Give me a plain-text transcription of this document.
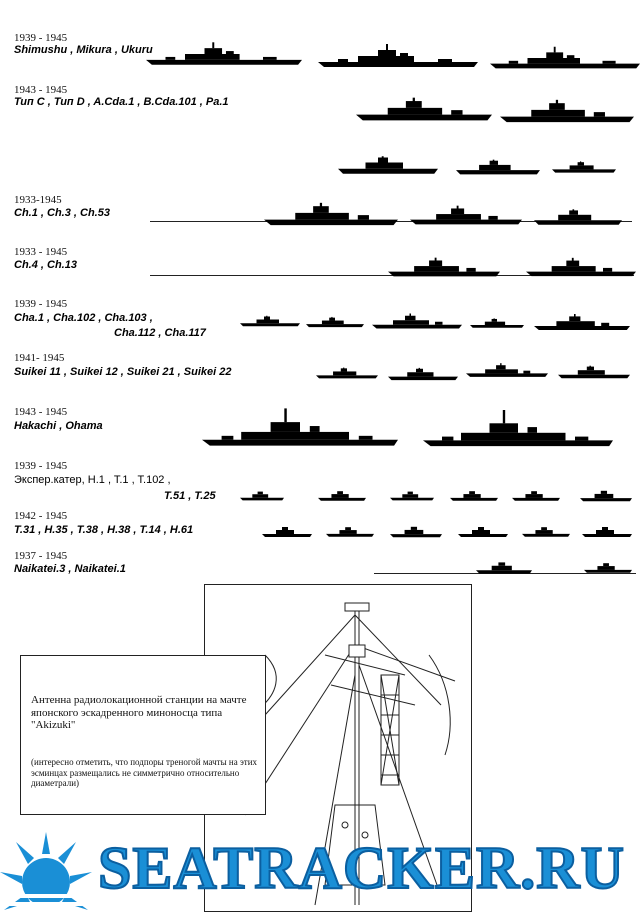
1939 - 1945
Shimushu , Mikura , Ukuru
1943 - 1945
Тип C , Тип D , A.Cda.1 , B.Cda.101 , Pa.1
1933-1945
Ch.1 , Ch.3 , Ch.53
1933 - 1945
Ch.4 , Ch.13
1939 - 1945
Cha.1 , Cha.102 , Cha.103 ,
Cha.112 , Cha.117
1941- 1945
Suikei 11 , Suikei 12 , Suikei 21 , Suikei 22
1943 - 1945
Hakachi , Ohama
1939 - 1945
Экспер.катер, H.1 , T.1 , T.102 ,
T.51 , T.25
1942 - 1945
T.31 , H.35 , T.38 , H.38 , T.14 , H.61
1937 - 1945
Naikatei.3 , Naikatei.1
Антенна радиолокационной станции на мачте японского эскадренного миноносца типа "Akizuki"
(интересно отметить, что подпоры треногой мачты на этих эсминцах размещались не симметрично относительно диаметрали)
SEATRACKER.RU
